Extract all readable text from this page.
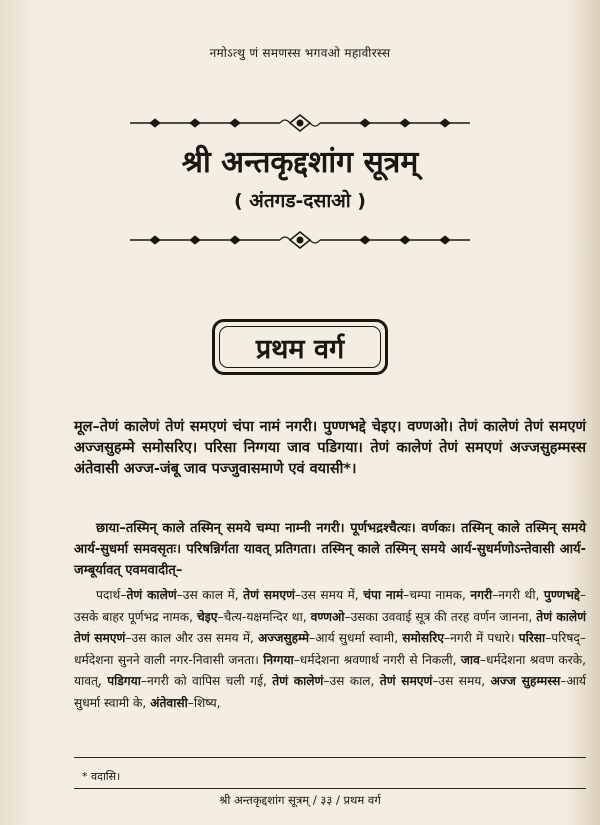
नमोऽत्थु णं समणस्स भगवओ महावीरस्स
श्री अन्तकृद्दशांग सूत्रम्
( अंतगड-दसाओ )
प्रथम वर्ग

मूल–तेणं कालेणं तेणं समएणं चंपा नामं नगरी। पुण्णभद्दे चेइए। वण्णओ। तेणं कालेणं तेणं समएणं अज्जसुहम्मे समोसरिए। परिसा निग्गया जाव पडिगया। तेणं कालेणं तेणं समएणं अज्जसुहम्मस्स अंतेवासी अज्ज-जंबू जाव पज्जुवासमाणे एवं वयासी*।

छाया–तस्मिन् काले तस्मिन् समये चम्पा नाम्नी नगरी। पूर्णभद्रश्चैत्यः। वर्णकः। तस्मिन् काले तस्मिन् समये आर्य-सुधर्मा समवसृतः। परिषन्निर्गता यावत् प्रतिगता। तस्मिन् काले तस्मिन् समये आर्य-सुधर्मणोऽन्तेवासी आर्य-जम्बूर्यावत् एवमवादीत्–

पदार्थ–तेणं कालेणं–उस काल में, तेणं समएणं–उस समय में, चंपा नामं–चम्पा नामक, नगरी–नगरी थी, पुण्णभद्दे–उसके बाहर पूर्णभद्र नामक, चेइए–चैत्य-यक्षमन्दिर था, वण्णओ–उसका उववाई सूत्र की तरह वर्णन जानना, तेणं कालेणं तेणं समएणं–उस काल और उस समय में, अज्जसुहम्मे–आर्य सुधर्मा स्वामी, समोसरिए–नगरी में पधारे। परिसा–परिषद्–धर्मदेशना सुनने वाली नगर-निवासी जनता। निग्गया–धर्मदेशना श्रवणार्थ नगरी से निकली, जाव–धर्मदेशना श्रवण करके, यावत्, पडिगया–नगरी को वापिस चली गई, तेणं कालेणं–उस काल, तेणं समएणं–उस समय, अज्ज सुहम्मस्स–आर्य सुधर्मा स्वामी के, अंतेवासी–शिष्य,

* वदासि।
श्री अन्तकृद्दशांग सूत्रम् / ३३ / प्रथम वर्ग
